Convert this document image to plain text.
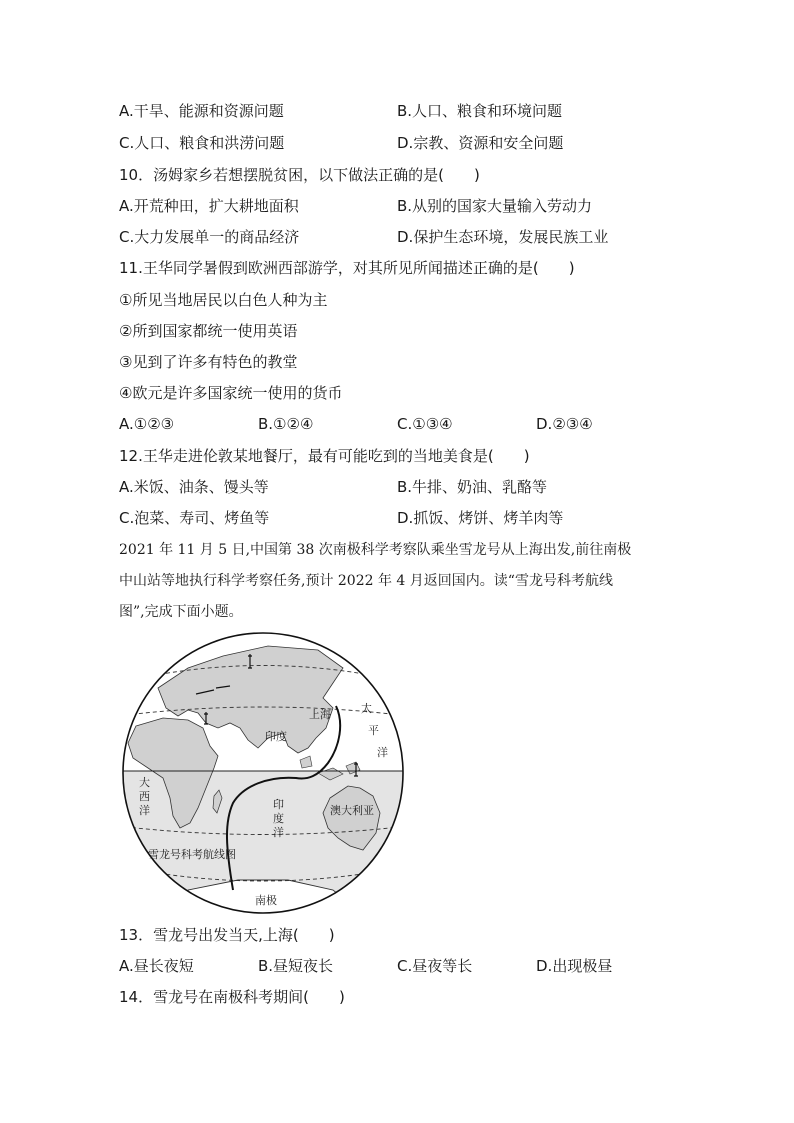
A.干旱、能源和资源问题	B.人口、粮食和环境问题
C.人口、粮食和洪涝问题	D.宗教、资源和安全问题
10．汤姆家乡若想摆脱贫困，以下做法正确的是(　　)
A.开荒种田，扩大耕地面积	B.从别的国家大量输入劳动力
C.大力发展单一的商品经济	D.保护生态环境，发展民族工业
11.王华同学暑假到欧洲西部游学，对其所见所闻描述正确的是(　　)
①所见当地居民以白色人种为主
②所到国家都统一使用英语
③见到了许多有特色的教堂
④欧元是许多国家统一使用的货币
A.①②③	B.①②④	C.①③④	D.②③④
12.王华走进伦敦某地餐厅，最有可能吃到的当地美食是(　　)
A.米饭、油条、馒头等	B.牛排、奶油、乳酪等
C.泡菜、寿司、烤鱼等	D.抓饭、烤饼、烤羊肉等
2021 年 11 月 5 日,中国第 38 次南极科学考察队乘坐雪龙号从上海出发,前往南极
中山站等地执行科学考察任务,预计 2022 年 4 月返回国内。读“雪龙号科考航线
图”,完成下面小题。
上海
印度
太
平
洋
大
西
洋	印
度
洋
澳大利亚
雪龙号科考航线图
南极
13．雪龙号出发当天,上海(　　)
A.昼长夜短	B.昼短夜长	C.昼夜等长	D.出现极昼
14．雪龙号在南极科考期间(　　)
